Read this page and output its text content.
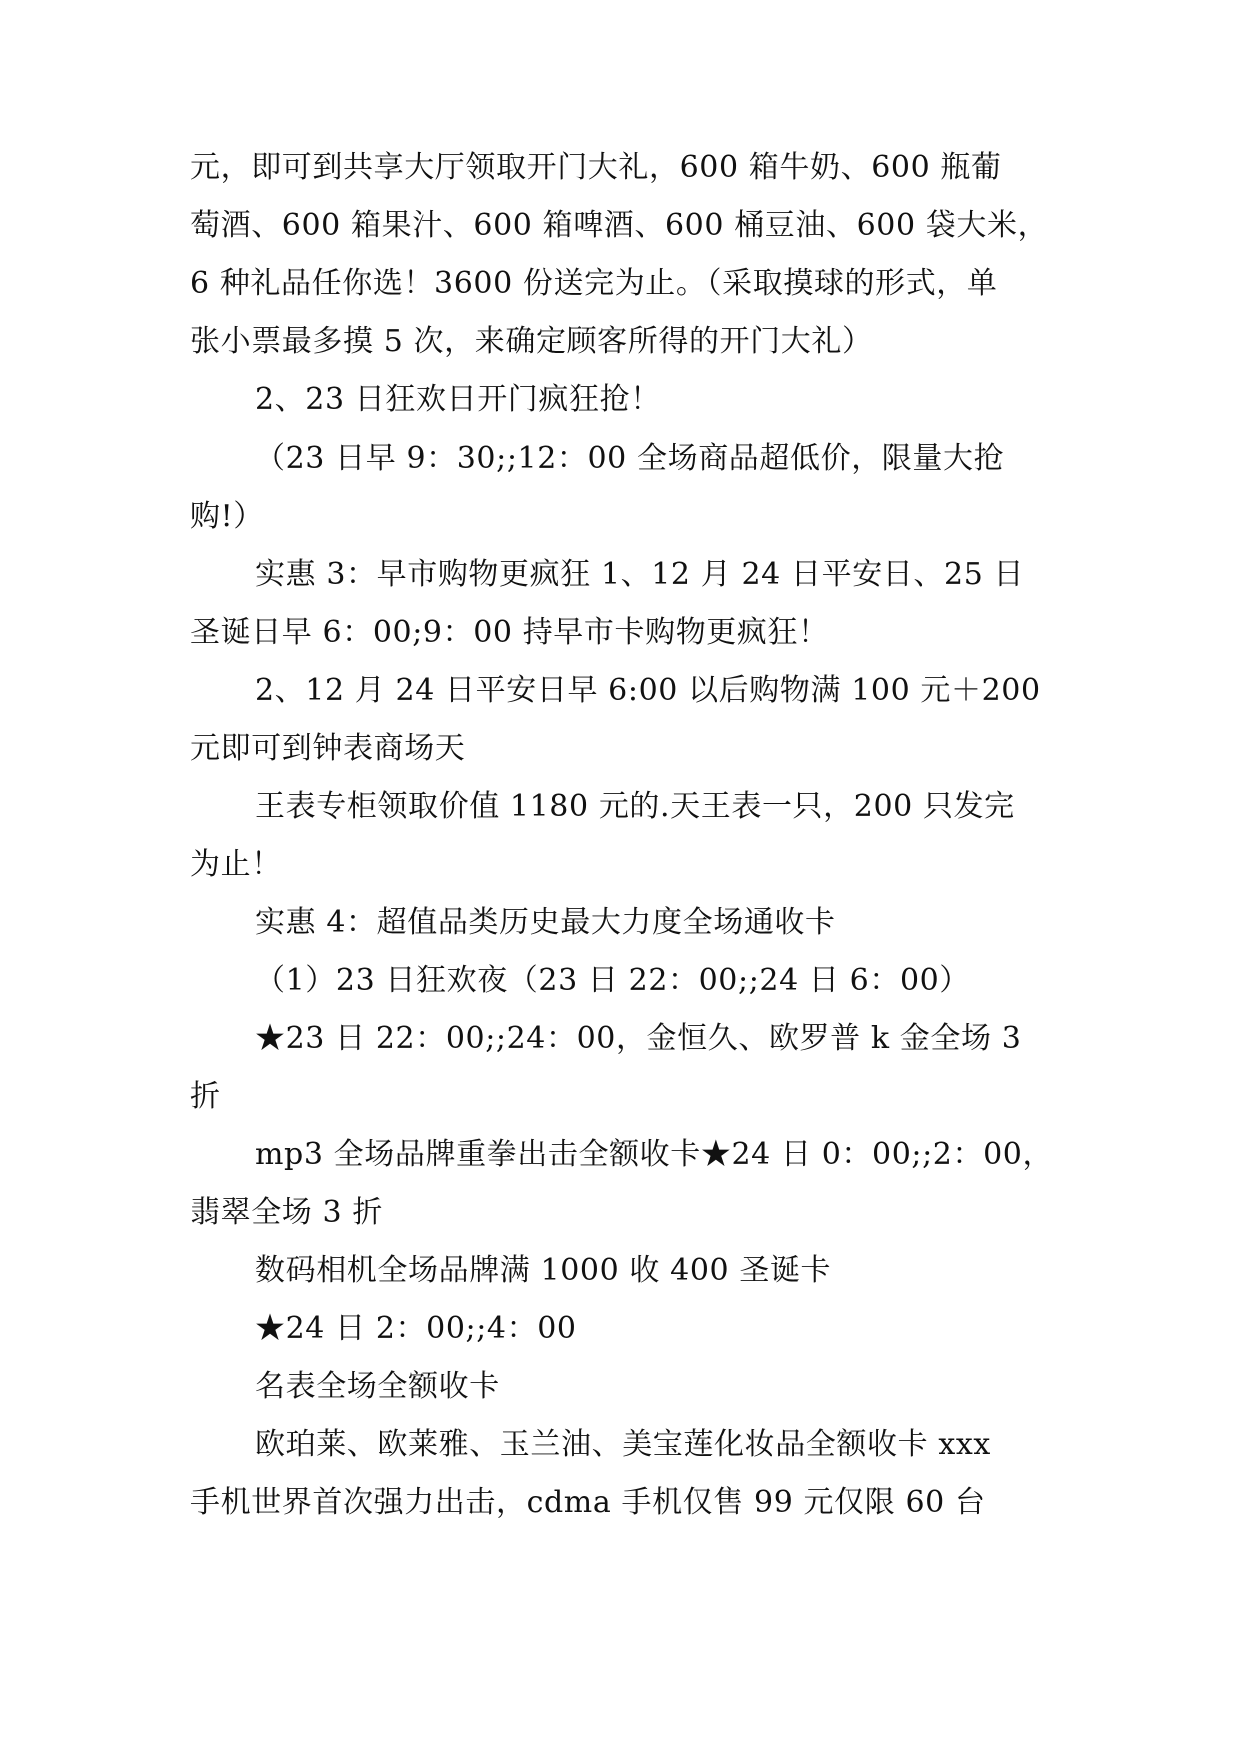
元，即可到共享大厅领取开门大礼，600 箱牛奶、600 瓶葡
萄酒、600 箱果汁、600 箱啤酒、600 桶豆油、600 袋大米，
6 种礼品任你选！3600 份送完为止。（采取摸球的形式，单
张小票最多摸 5 次，来确定顾客所得的开门大礼）
2、23 日狂欢日开门疯狂抢！
（23 日早 9：30;;12：00 全场商品超低价，限量大抢
购!）
实惠 3：早市购物更疯狂 1、12 月 24 日平安日、25 日
圣诞日早 6：00;9：00 持早市卡购物更疯狂！
2、12 月 24 日平安日早 6:00 以后购物满 100 元＋200
元即可到钟表商场天
王表专柜领取价值 1180 元的.天王表一只，200 只发完
为止！
实惠 4：超值品类历史最大力度全场通收卡
（1）23 日狂欢夜（23 日 22：00;;24 日 6：00）
★23 日 22：00;;24：00，金恒久、欧罗普 k 金全场 3
折
mp3 全场品牌重拳出击全额收卡★24 日 0：00;;2：00，
翡翠全场 3 折
数码相机全场品牌满 1000 收 400 圣诞卡
★24 日 2：00;;4：00
名表全场全额收卡
欧珀莱、欧莱雅、玉兰油、美宝莲化妆品全额收卡 xxx
手机世界首次强力出击，cdma 手机仅售 99 元仅限 60 台
